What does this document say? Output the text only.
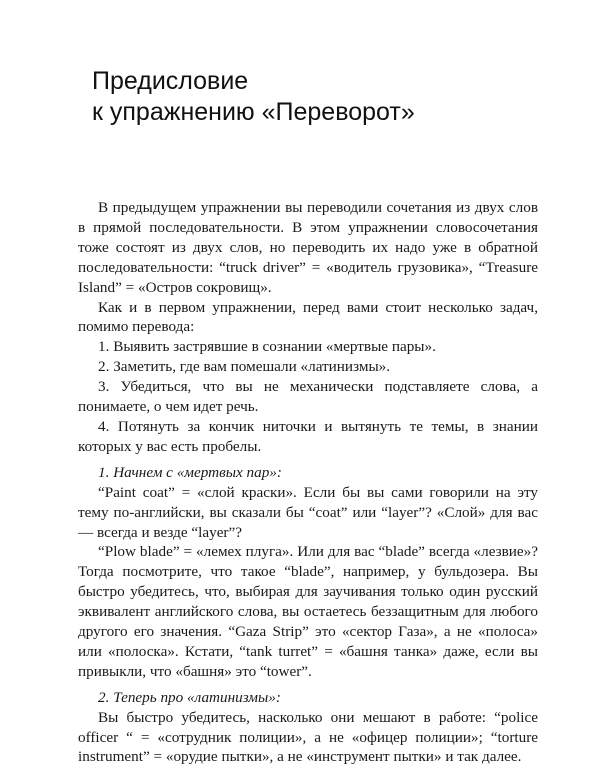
Предисловие
к упражнению «Переворот»

В предыдущем упражнении вы переводили сочетания из двух слов в прямой последовательности. В этом упражнении словосочетания тоже состоят из двух слов, но переводить их надо уже в обратной последовательности: “truck driver” = «водитель грузовика», “Treasure Island” = «Остров сокровищ».

Как и в первом упражнении, перед вами стоит несколько задач, помимо перевода:

1. Выявить застрявшие в сознании «мертвые пары».

2. Заметить, где вам помешали «латинизмы».

3. Убедиться, что вы не механически подставляете слова, а понимаете, о чем идет речь.

4. Потянуть за кончик ниточки и вытянуть те темы, в знании которых у вас есть пробелы.

1. Начнем с «мертвых пар»:

“Paint coat” = «слой краски». Если бы вы сами говорили на эту тему по-английски, вы сказали бы “coat” или “layer”? «Слой» для вас — всегда и везде “layer”?

“Plow blade” = «лемех плуга». Или для вас “blade” всегда «лезвие»? Тогда посмотрите, что такое “blade”, например, у бульдозера. Вы быстро убедитесь, что, выбирая для заучивания только один русский эквивалент английского слова, вы остаетесь беззащитным для любого другого его значения. “Gaza Strip” это «сектор Газа», а не «полоса» или «полоска». Кстати, “tank turret” = «башня танка» даже, если вы привыкли, что «башня» это “tower”.

2. Теперь про «латинизмы»:

Вы быстро убедитесь, насколько они мешают в работе: “police officer “ = «сотрудник полиции», а не «офицер полиции»; “torture instrument” = «орудие пытки», а не «инструмент пытки» и так далее.
